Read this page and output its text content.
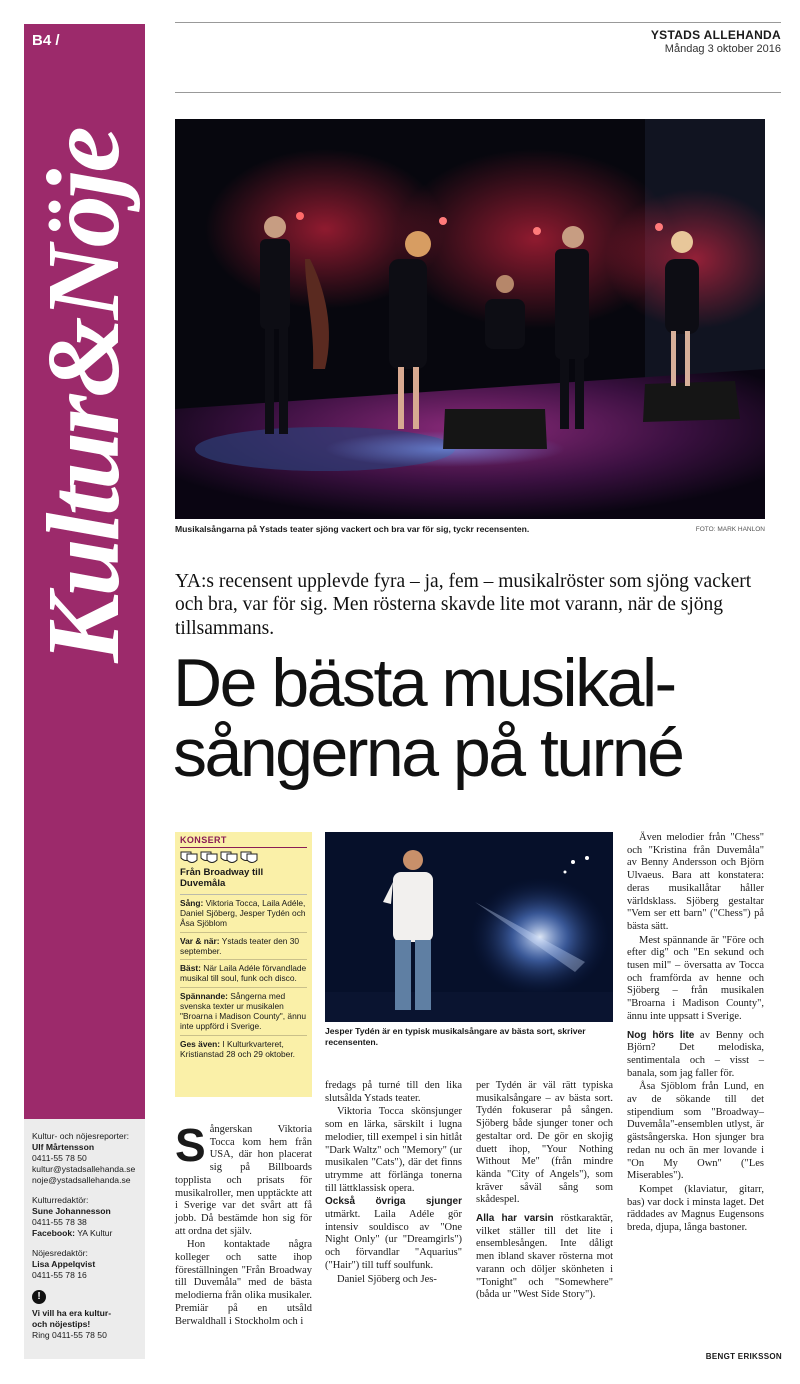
B4 /
Kultur&Nöje
Kultur- och nöjesreporter:
Ulf Mårtensson
0411-55 78 50
kultur@ystadsallehanda.se
noje@ystadsallehanda.se
Kulturredaktör:
Sune Johannesson
0411-55 78 38
Facebook: YA Kultur
Nöjesredaktör:
Lisa Appelqvist
0411-55 78 16
!
Vi vill ha era kultur-
och nöjestips!
Ring 0411-55 78 50
YSTADS ALLEHANDA
Måndag 3 oktober 2016
Musikalsångarna på Ystads teater sjöng vackert och bra var för sig, tyckr recensenten.	FOTO: MARK HANLON
YA:s recensent upplevde fyra – ja, fem – musikalröster som sjöng vackert och bra, var för sig. Men rösterna skavde lite mot varann, när de sjöng tillsammans.
De bästa musikal-
sångerna på turné
KONSERT
Från Broadway till Duvemåla
Sång: Viktoria Tocca, Laila Adéle, Daniel Sjöberg, Jesper Tydén och Åsa Sjöblom
Var & när: Ystads teater den 30 september.
Bäst: När Laila Adéle förvandlade musikal till soul, funk och disco.
Spännande: Sångerna med svenska texter ur musikalen "Broarna i Madison County", ännu inte uppförd i Sverige.
Ges även: I Kulturkvarteret, Kristianstad 28 och 29 oktober.
Jesper Tydén är en typisk musikalsångare av bästa sort, skriver recensenten.

Sångerskan Viktoria Tocca kom hem från USA, där hon placerat sig på Billboards topplista och prisats för musikalroller, men upptäckte att i Sverige var det svårt att få jobb. Då bestämde hon sig för att ordna det själv.

Hon kontaktade några kolleger och satte ihop föreställningen "Från Broadway till Duvemåla" med de bästa melodierna från olika musikaler. Premiär på en utsåld Berwaldhall i Stockholm och i

fredags på turné till den lika slutsålda Ystads teater.

Viktoria Tocca skönsjunger som en lärka, särskilt i lugna melodier, till exempel i sin hitlåt "Dark Waltz" och "Memory" (ur musikalen "Cats"), där det finns utrymme att förlänga tonerna till lättklassisk opera.

Också övriga sjunger utmärkt. Laila Adéle gör intensiv souldisco av "One Night Only" (ur "Dreamgirls") och förvandlar "Aquarius" ("Hair") till tuff soulfunk.

Daniel Sjöberg och Jes-

per Tydén är väl rätt typiska musikalsångare – av bästa sort. Tydén fokuserar på sången. Sjöberg både sjunger toner och gestaltar ord. De gör en skojig duett ihop, "Your Nothing Without Me" (från mindre kända "City of Angels"), som kräver såväl sång som skådespel.

Alla har varsin röstkaraktär, vilket ställer till det lite i ensemblesången. Inte dåligt men ibland skaver rösterna mot varann och döljer skönheten i "Tonight" och "Somewhere" (båda ur "West Side Story").

Även melodier från "Chess" och "Kristina från Duvemåla" av Benny Andersson och Björn Ulvaeus. Bara att konstatera: deras musikallåtar håller världsklass. Sjöberg gestaltar "Vem ser ett barn" ("Chess") på bästa sätt.

Mest spännande är "Före och efter dig" och "En sekund och tusen mil" – översatta av Tocca och framförda av henne och Sjöberg – från musikalen "Broarna i Madison County", ännu inte uppsatt i Sverige.

Nog hörs lite av Benny och Björn? Det melodiska, sentimentala och – visst – banala, som jag faller för.

Åsa Sjöblom från Lund, en av de sökande till det stipendium som "Broadway–Duvemåla"-ensemblen utlyst, är gästsångerska. Hon sjunger bra redan nu och än mer lovande i "On My Own" ("Les Miserables").

Kompet (klaviatur, gitarr, bas) var dock i minsta laget. Det räddades av Magnus Eugensons breda, djupa, långa bastoner.

BENGT ERIKSSON
